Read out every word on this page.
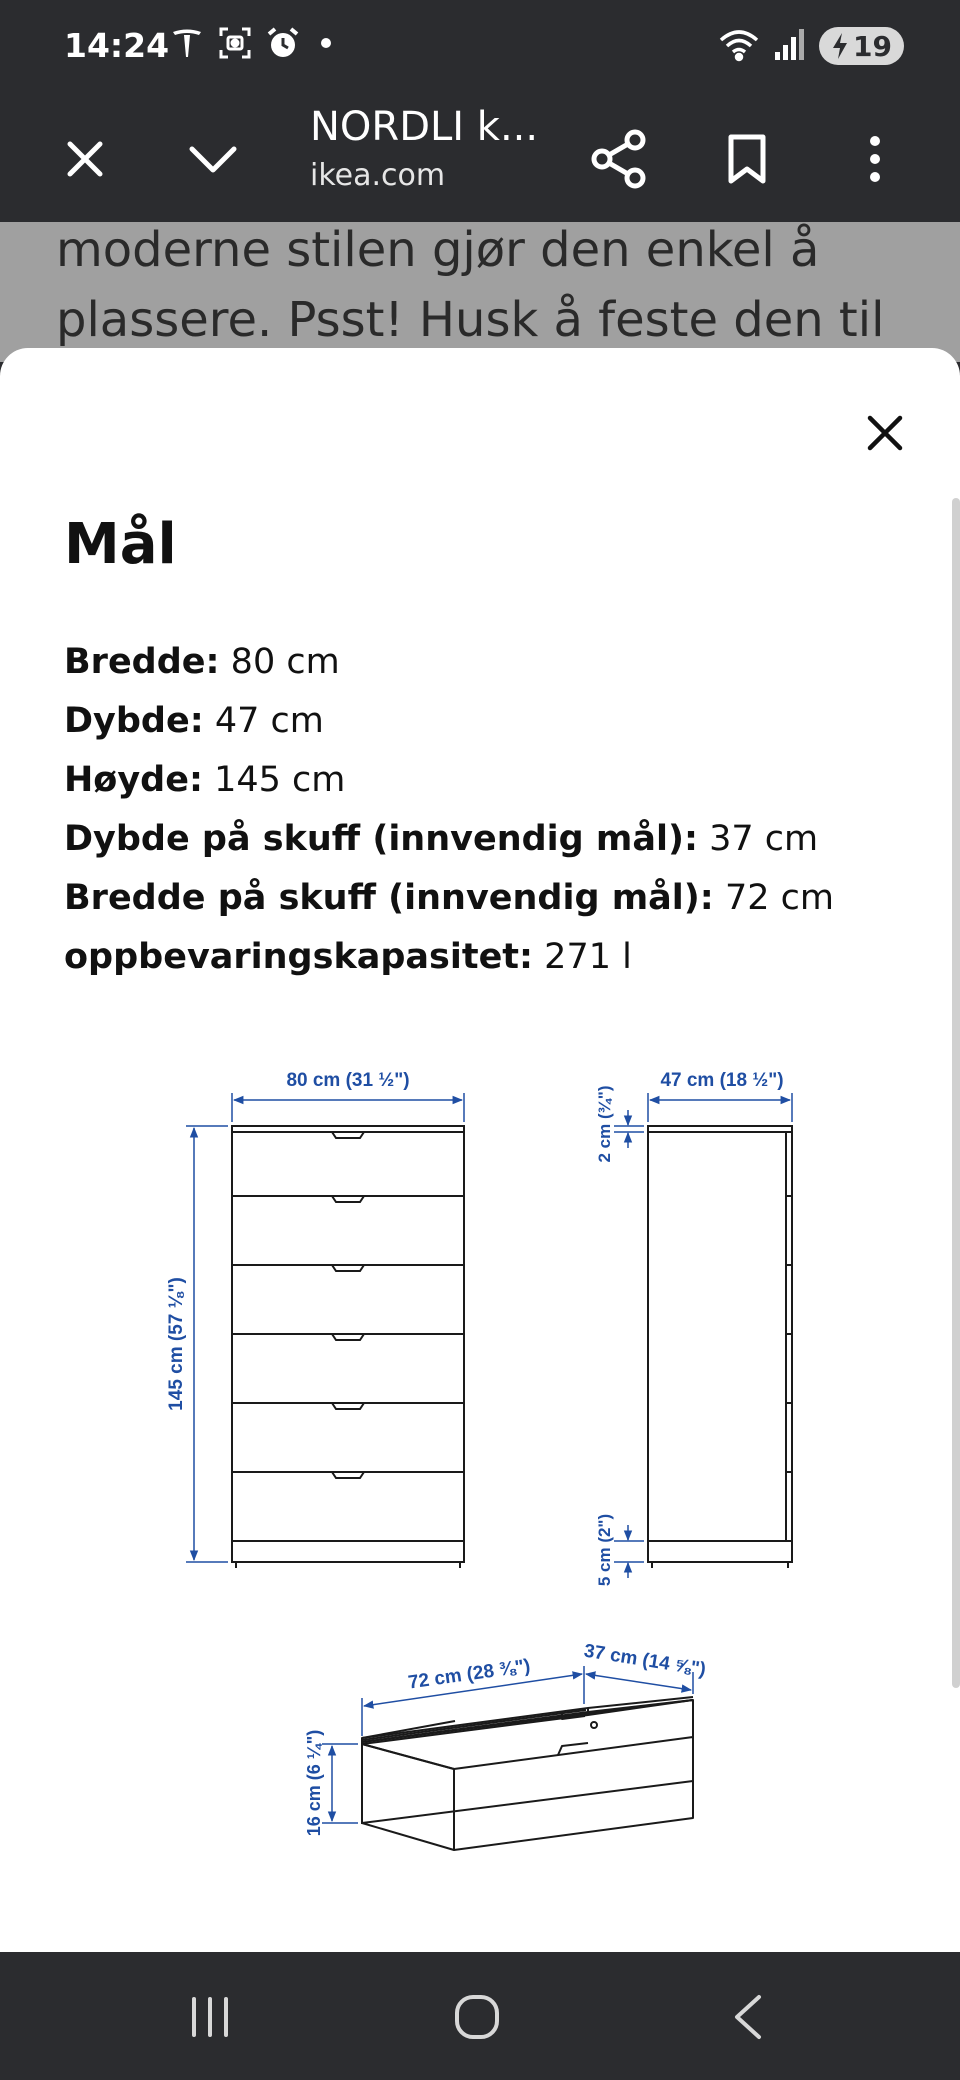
14:24	19
NORDLI k...
ikea.com
moderne stilen gjør den enkel å
plassere. Psst! Husk å feste den til
Mål
Bredde: 80 cm
Dybde: 47 cm
Høyde: 145 cm
Dybde på skuff (innvendig mål): 37 cm
Bredde på skuff (innvendig mål): 72 cm
oppbevaringskapasitet: 271 l
80 cm (31 ½")
145 cm (57 ⅛")
47 cm (18 ½")
2 cm (¾")
5 cm (2")
72 cm (28 ⅜")	37 cm (14 ⅝")
16 cm (6 ¼")
